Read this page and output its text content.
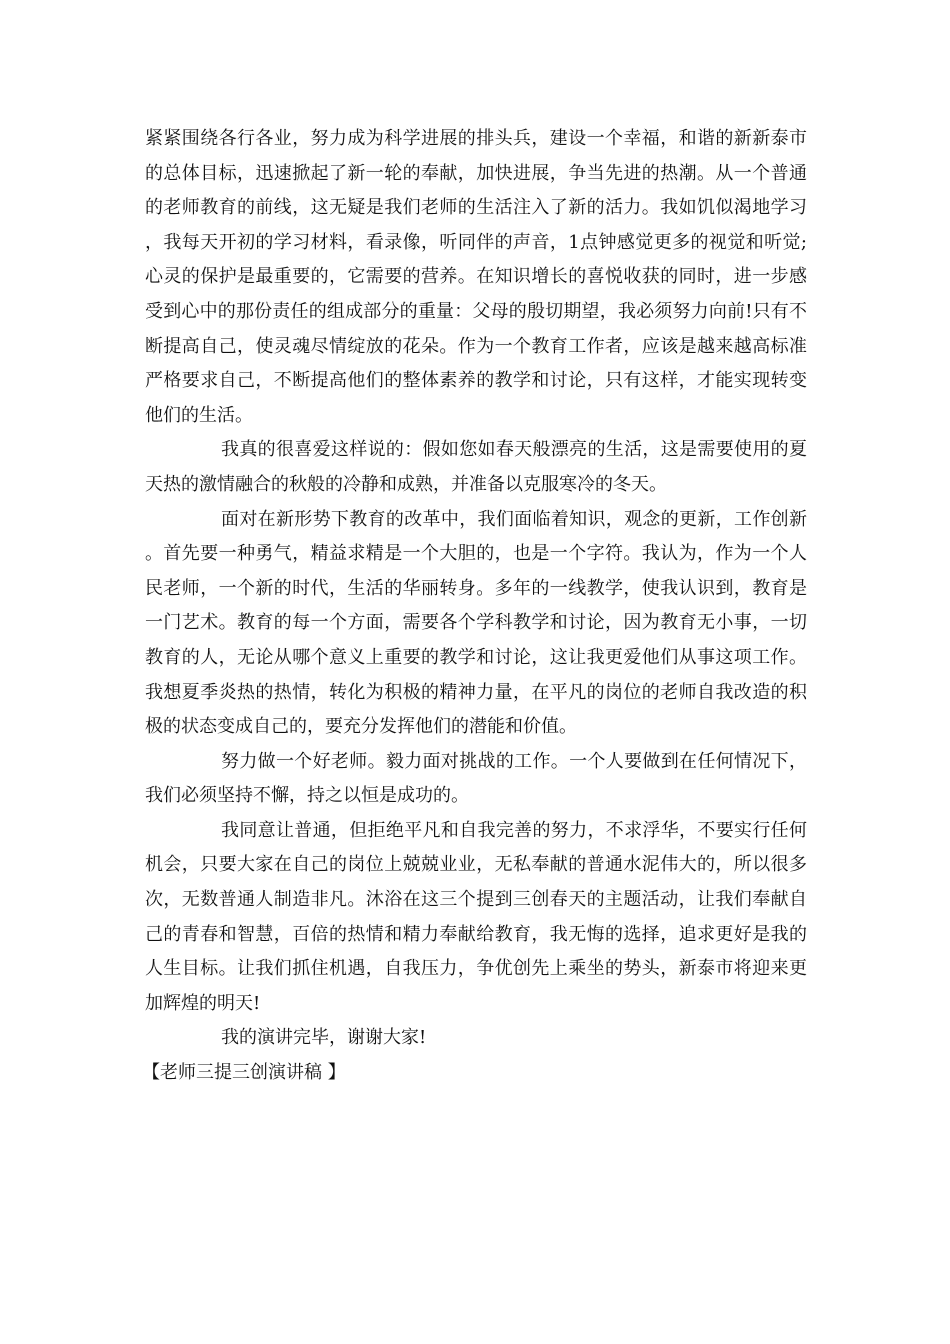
紧紧围绕各行各业，努力成为科学进展的排头兵，建设一个幸福，和谐的新新泰市的总体目标，迅速掀起了新一轮的奉献，加快进展，争当先进的热潮。从一个普通的老师教育的前线，这无疑是我们老师的生活注入了新的活力。我如饥似渴地学习，我每天开初的学习材料，看录像，听同伴的声音，1点钟感觉更多的视觉和听觉;心灵的保护是最重要的，它需要的营养。在知识增长的喜悦收获的同时，进一步感受到心中的那份责任的组成部分的重量：父母的殷切期望，我必须努力向前!只有不断提高自己，使灵魂尽情绽放的花朵。作为一个教育工作者，应该是越来越高标准严格要求自己，不断提高他们的整体素养的教学和讨论，只有这样，才能实现转变他们的生活。

我真的很喜爱这样说的：假如您如春天般漂亮的生活，这是需要使用的夏天热的激情融合的秋般的冷静和成熟，并准备以克服寒冷的冬天。

面对在新形势下教育的改革中，我们面临着知识，观念的更新，工作创新。首先要一种勇气，精益求精是一个大胆的，也是一个字符。我认为，作为一个人民老师，一个新的时代，生活的华丽转身。多年的一线教学，使我认识到，教育是一门艺术。教育的每一个方面，需要各个学科教学和讨论，因为教育无小事，一切教育的人，无论从哪个意义上重要的教学和讨论，这让我更爱他们从事这项工作。我想夏季炎热的热情，转化为积极的精神力量，在平凡的岗位的老师自我改造的积极的状态变成自己的，要充分发挥他们的潜能和价值。

努力做一个好老师。毅力面对挑战的工作。一个人要做到在任何情况下，我们必须坚持不懈，持之以恒是成功的。

我同意让普通，但拒绝平凡和自我完善的努力，不求浮华，不要实行任何机会，只要大家在自己的岗位上兢兢业业，无私奉献的普通水泥伟大的，所以很多次，无数普通人制造非凡。沐浴在这三个提到三创春天的主题活动，让我们奉献自己的青春和智慧，百倍的热情和精力奉献给教育，我无悔的选择，追求更好是我的人生目标。让我们抓住机遇，自我压力，争优创先上乘坐的势头，新泰市将迎来更加辉煌的明天!

我的演讲完毕，谢谢大家!

【老师三提三创演讲稿 】
